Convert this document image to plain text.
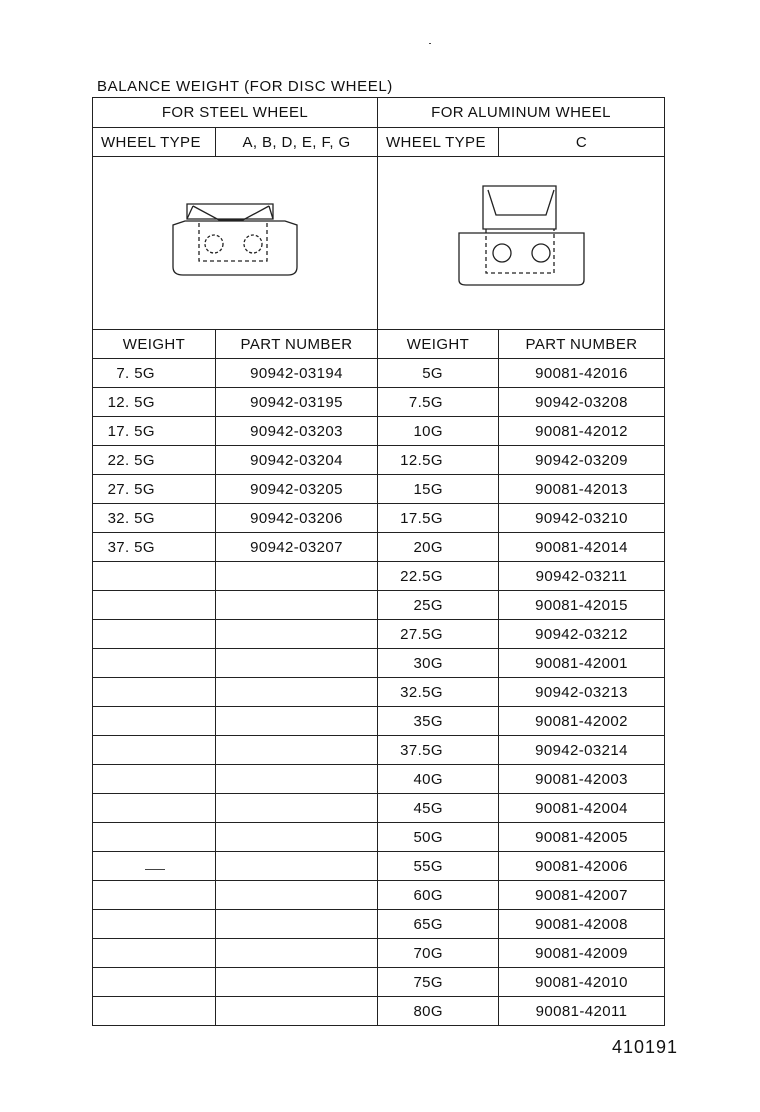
BALANCE WEIGHT (FOR DISC WHEEL)
FOR STEEL WHEEL		FOR ALUMINUM WHEEL	
WHEEL TYPE	A, B, D, E, F, G	WHEEL TYPE	C

WEIGHT	PART NUMBER	WEIGHT	PART NUMBER
7. 5G	90942-03194	5G	90081-42016
12. 5G	90942-03195	7.5G	90942-03208
17. 5G	90942-03203	10G	90081-42012
22. 5G	90942-03204	12.5G	90942-03209
27. 5G	90942-03205	15G	90081-42013
32. 5G	90942-03206	17.5G	90942-03210
37. 5G	90942-03207	20G	90081-42014
		22.5G	90942-03211
		25G	90081-42015
		27.5G	90942-03212
		30G	90081-42001
		32.5G	90942-03213
		35G	90081-42002
		37.5G	90942-03214
		40G	90081-42003
		45G	90081-42004
		50G	90081-42005
		55G	90081-42006
		60G	90081-42007
		65G	90081-42008
		70G	90081-42009
		75G	90081-42010
		80G	90081-42011
410191
